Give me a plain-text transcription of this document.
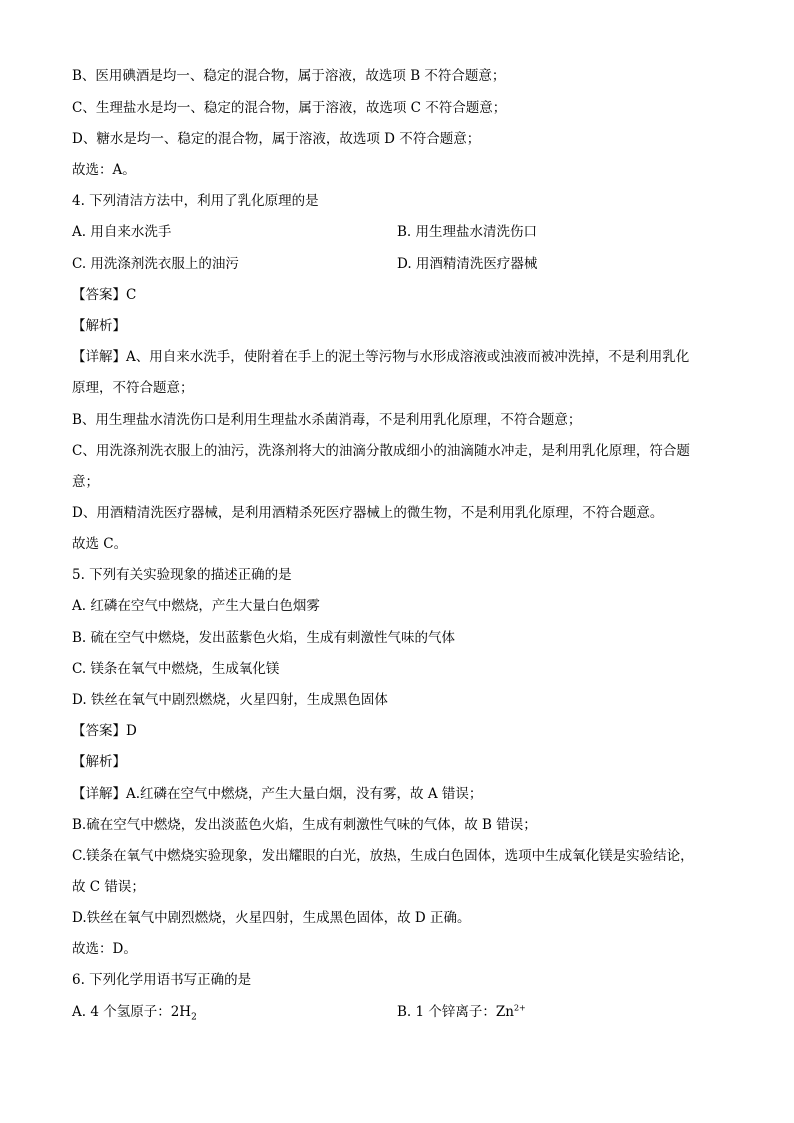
B、医用碘酒是均一、稳定的混合物，属于溶液，故选项 B 不符合题意；
C、生理盐水是均一、稳定的混合物，属于溶液，故选项 C 不符合题意；
D、糖水是均一、稳定的混合物，属于溶液，故选项 D 不符合题意；
故选：A。
4. 下列清洁方法中，利用了乳化原理的是
A. 用自来水洗手	B. 用生理盐水清洗伤口
C. 用洗涤剂洗衣服上的油污	D. 用酒精清洗医疗器械
【答案】C
【解析】
【详解】A、用自来水洗手，使附着在手上的泥土等污物与水形成溶液或浊液而被冲洗掉，不是利用乳化
原理，不符合题意；
B、用生理盐水清洗伤口是利用生理盐水杀菌消毒，不是利用乳化原理，不符合题意；
C、用洗涤剂洗衣服上的油污，洗涤剂将大的油滴分散成细小的油滴随水冲走，是利用乳化原理，符合题
意；
D、用酒精清洗医疗器械，是利用酒精杀死医疗器械上的微生物，不是利用乳化原理，不符合题意。
故选 C。
5. 下列有关实验现象的描述正确的是
A. 红磷在空气中燃烧，产生大量白色烟雾
B. 硫在空气中燃烧，发出蓝紫色火焰，生成有刺激性气味的气体
C. 镁条在氧气中燃烧，生成氧化镁
D. 铁丝在氧气中剧烈燃烧，火星四射，生成黑色固体
【答案】D
【解析】
【详解】A.红磷在空气中燃烧，产生大量白烟，没有雾，故 A 错误；
B.硫在空气中燃烧，发出淡蓝色火焰，生成有刺激性气味的气体，故 B 错误；
C.镁条在氧气中燃烧实验现象，发出耀眼的白光，放热，生成白色固体，选项中生成氧化镁是实验结论，
故 C 错误；
D.铁丝在氧气中剧烈燃烧，火星四射，生成黑色固体，故 D 正确。
故选：D。
6. 下列化学用语书写正确的是
A. 4 个氢原子：$2H_2$	B. 1 个锌离子：$Zn^{2+}$
